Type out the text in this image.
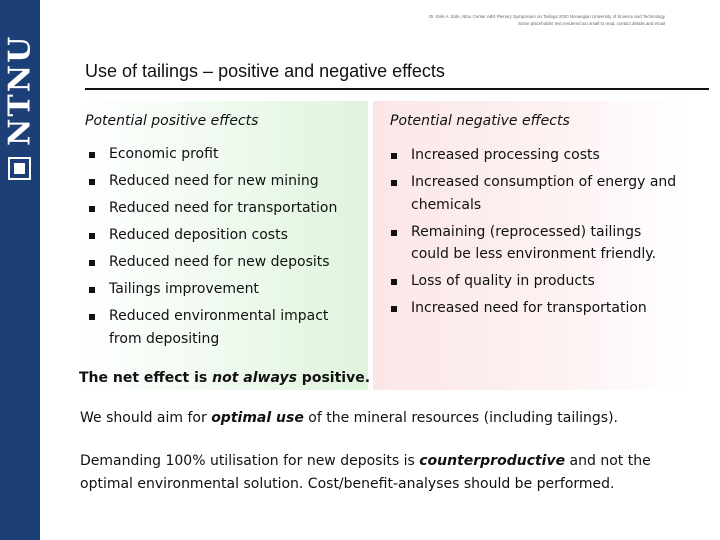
NTNU
Dr. Eirik A. Eide, Ntnu Center ABS Plenary Symposium on Tailings 2020 Norwegian University of Science and Technology
Some placeholder text rendered too small to read, contact details and email
Use of tailings – positive and negative effects
Potential positive effects
Economic profit
Reduced need for new mining
Reduced need for transportation
Reduced deposition costs
Reduced need for new deposits
Tailings improvement
Reduced environmental impact from depositing
Potential negative effects
Increased processing costs
Increased consumption of energy and chemicals
Remaining (reprocessed) tailings could be less environment friendly.
Loss of quality in products
Increased need for transportation

The net effect is not always positive.

We should aim for optimal use of the mineral resources (including tailings).

Demanding 100% utilisation for new deposits is counterproductive and not the optimal environmental solution. Cost/benefit-analyses should be performed.
